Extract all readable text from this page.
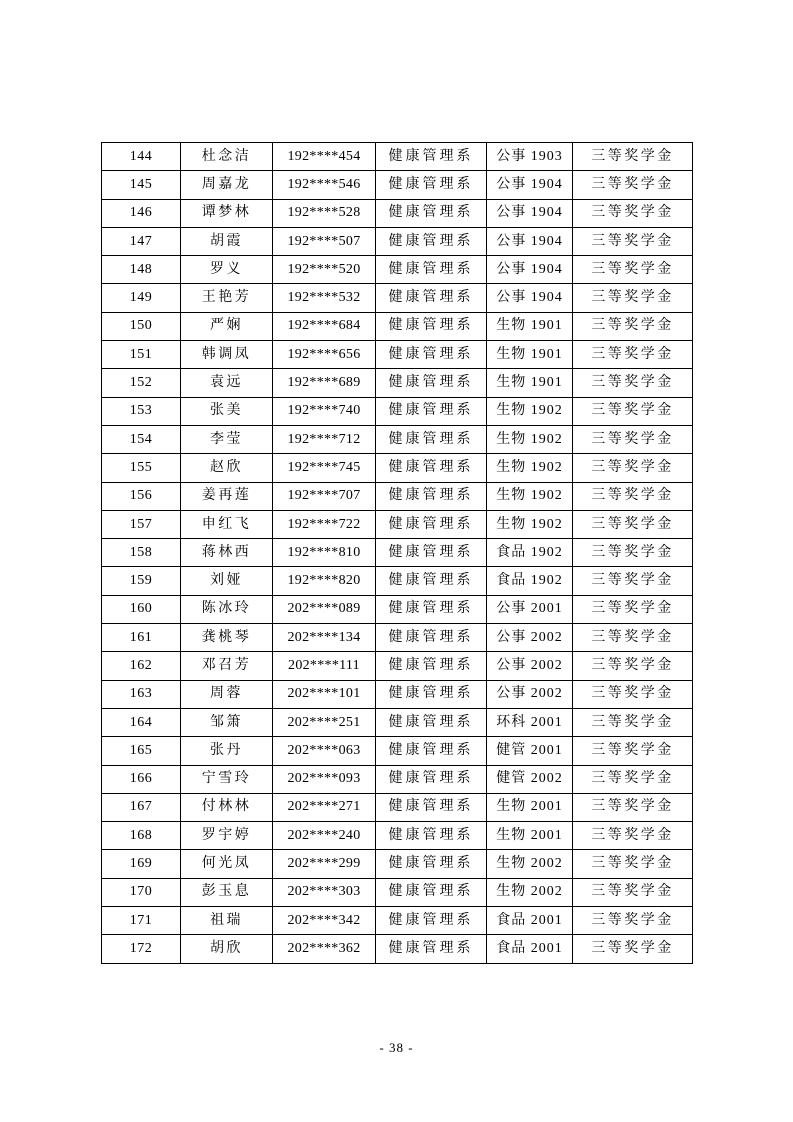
144	杜念洁	192****454	健康管理系	公事 1903	三等奖学金
145	周嘉龙	192****546	健康管理系	公事 1904	三等奖学金
146	谭梦林	192****528	健康管理系	公事 1904	三等奖学金
147	胡霞	192****507	健康管理系	公事 1904	三等奖学金
148	罗义	192****520	健康管理系	公事 1904	三等奖学金
149	王艳芳	192****532	健康管理系	公事 1904	三等奖学金
150	严娴	192****684	健康管理系	生物 1901	三等奖学金
151	韩调凤	192****656	健康管理系	生物 1901	三等奖学金
152	袁远	192****689	健康管理系	生物 1901	三等奖学金
153	张美	192****740	健康管理系	生物 1902	三等奖学金
154	李莹	192****712	健康管理系	生物 1902	三等奖学金
155	赵欣	192****745	健康管理系	生物 1902	三等奖学金
156	姜再莲	192****707	健康管理系	生物 1902	三等奖学金
157	申红飞	192****722	健康管理系	生物 1902	三等奖学金
158	蒋林西	192****810	健康管理系	食品 1902	三等奖学金
159	刘娅	192****820	健康管理系	食品 1902	三等奖学金
160	陈冰玲	202****089	健康管理系	公事 2001	三等奖学金
161	龚桃琴	202****134	健康管理系	公事 2002	三等奖学金
162	邓召芳	202****111	健康管理系	公事 2002	三等奖学金
163	周蓉	202****101	健康管理系	公事 2002	三等奖学金
164	邹箫	202****251	健康管理系	环科 2001	三等奖学金
165	张丹	202****063	健康管理系	健管 2001	三等奖学金
166	宁雪玲	202****093	健康管理系	健管 2002	三等奖学金
167	付林林	202****271	健康管理系	生物 2001	三等奖学金
168	罗宇婷	202****240	健康管理系	生物 2001	三等奖学金
169	何光凤	202****299	健康管理系	生物 2002	三等奖学金
170	彭玉息	202****303	健康管理系	生物 2002	三等奖学金
171	祖瑞	202****342	健康管理系	食品 2001	三等奖学金
172	胡欣	202****362	健康管理系	食品 2001	三等奖学金
- 38 -
